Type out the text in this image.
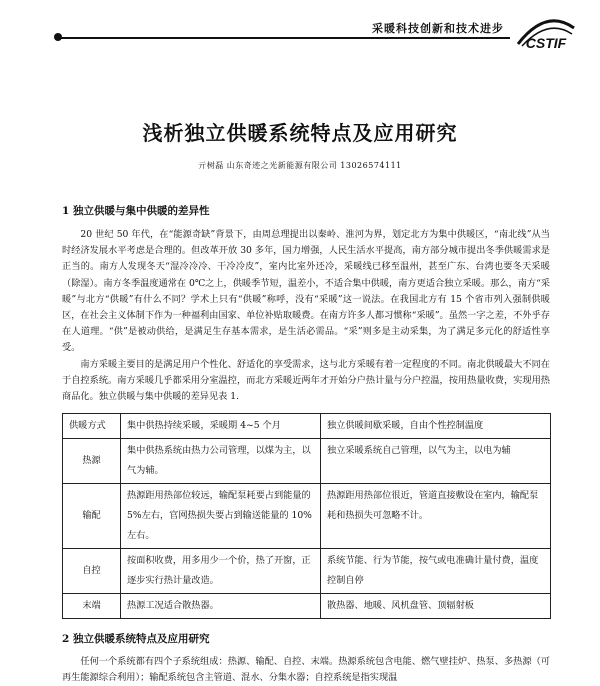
采暖科技创新和技术进步
CSTIF
浅析独立供暖系统特点及应用研究
亓树磊 山东奇迹之光新能源有限公司 13026574111
1 独立供暖与集中供暖的差异性

20 世纪 50 年代，在“能源奇缺”背景下，由周总理提出以秦岭、淮河为界，划定北方为集中供暖区，“南北线”从当时经济发展水平考虑是合理的。但改革开放 30 多年，国力增强，人民生活水平提高，南方部分城市提出冬季供暖需求是正当的。南方人发现冬天“湿冷冷冷、干冷冷皮”，室内比室外还冷，采暖线已移至温州，甚至广东、台湾也要冬天采暖（除湿）。南方冬季温度通常在 0℃之上，供暖季节短，温差小，不适合集中供暖，南方更适合独立采暖。那么，南方“采暖”与北方“供暖”有什么不同？学术上只有“供暖”称呼，没有“采暖”这一说法。在我国北方有 15 个省市列入强制供暖区，在社会主义体制下作为一种福利由国家、单位补贴取暖费。在南方许多人都习惯称“采暖”。虽然一字之差，不外乎存在人道理。“供”是被动供给，是满足生存基本需求，是生活必需品。“采”则多是主动采集，为了满足多元化的舒适性享受。

南方采暖主要目的是满足用户个性化、舒适化的享受需求，这与北方采暖有着一定程度的不同。南北供暖最大不同在于自控系统。南方采暖几乎都采用分室温控，而北方采暖近两年才开始分户热计量与分户控温，按用热量收费，实现用热商品化。独立供暖与集中供暖的差异见表 1.

供暖方式	集中供热持续采暖，采暖期 4~5 个月	独立供暖间歇采暖，自由个性控制温度
热源	集中供热系统由热力公司管理，以煤为主，以气为辅。	独立采暖系统自己管理，以气为主，以电为辅
输配	热源距用热部位较远，输配泵耗要占到能量的 5%左右，官网热损失要占到输送能量的 10%左右。	热源距用热部位很近，管道直接敷设在室内，输配泵耗和热损失可忽略不计。
自控	按面积收费，用多用少一个价，热了开窗，正逐步实行热计量改造。	系统节能、行为节能，按气或电准确计量付费，温度控制自停
末端	热源工况适合散热器。	散热器、地暖、风机盘管、顶辐射板
2 独立供暖系统特点及应用研究

任何一个系统都有四个子系统组成：热源、输配、自控、末端。热源系统包含电能、燃气壁挂炉、热泵、多热源（可再生能源综合利用）；输配系统包含主管道、混水、分集水器；自控系统是指实现温
